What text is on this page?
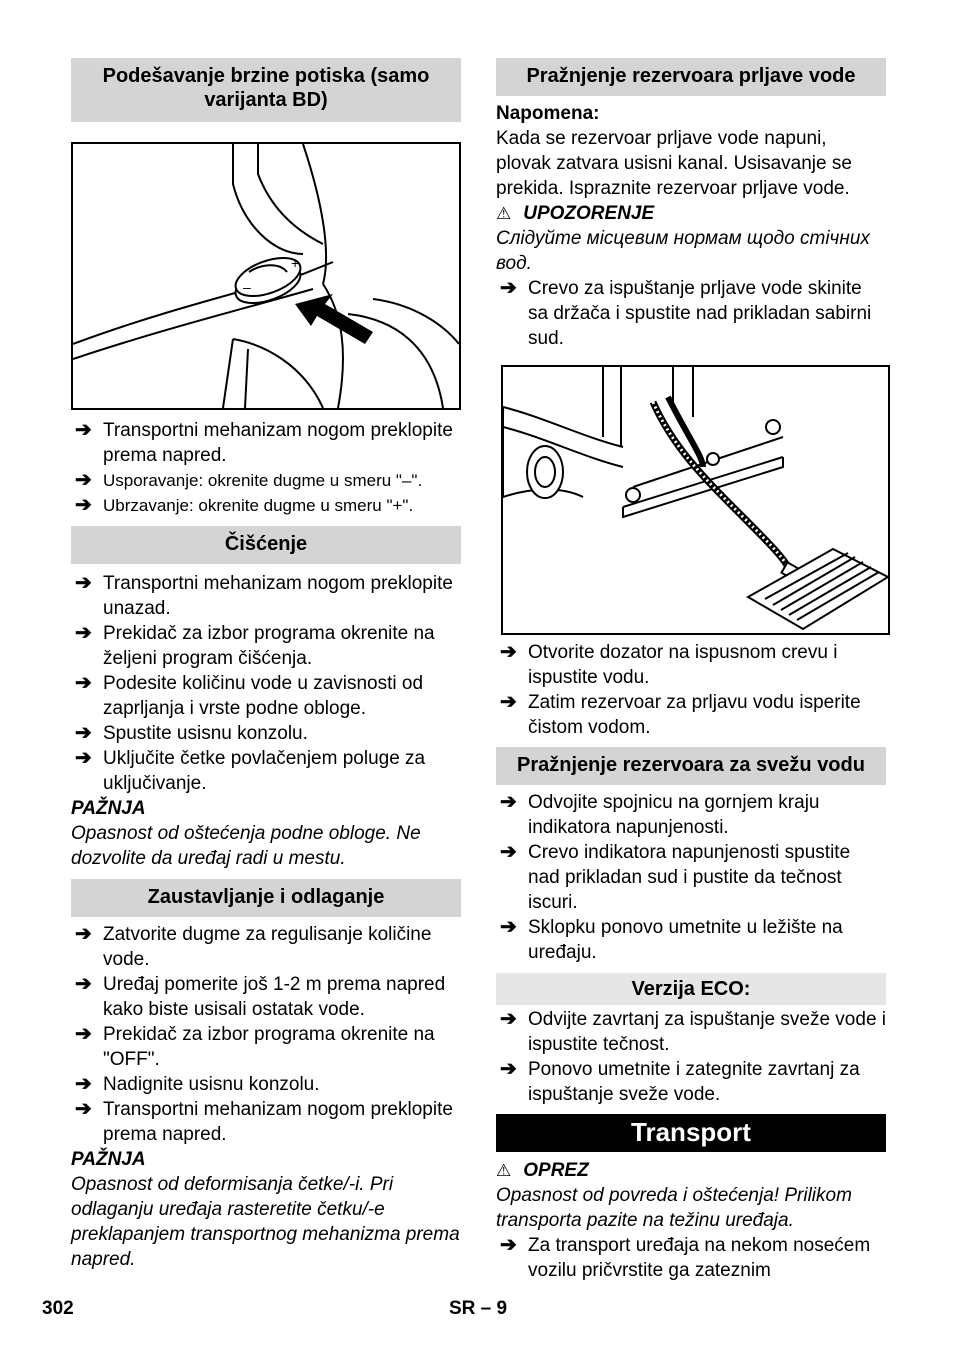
Podešavanje brzine potiska (samo varijanta BD)
+
–
➔ Transportni mehanizam nogom preklopite prema napred.
➔ Usporavanje: okrenite dugme u smeru "–".
➔ Ubrzavanje: okrenite dugme u smeru "+".
Čišćenje
➔ Transportni mehanizam nogom preklopite unazad.
➔ Prekidač za izbor programa okrenite na željeni program čišćenja.
➔ Podesite količinu vode u zavisnosti od zaprljanja i vrste podne obloge.
➔ Spustite usisnu konzolu.
➔ Uključite četke povlačenjem poluge za uključivanje.
PAŽNJA
Opasnost od oštećenja podne obloge. Ne dozvolite da uređaj radi u mestu.
Zaustavljanje i odlaganje
➔ Zatvorite dugme za regulisanje količine vode.
➔ Uređaj pomerite još 1-2 m prema napred kako biste usisali ostatak vode.
➔ Prekidač za izbor programa okrenite na "OFF".
➔ Nadignite usisnu konzolu.
➔ Transportni mehanizam nogom preklopite prema napred.
PAŽNJA
Opasnost od deformisanja četke/-i. Pri odlaganju uređaja rasteretite četku/-e preklapanjem transportnog mehanizma prema napred.
Pražnjenje rezervoara prljave vode
Napomena:
Kada se rezervoar prljave vode napuni, plovak zatvara usisni kanal. Usisavanje se prekida. Ispraznite rezervoar prljave vode.
⚠ UPOZORENJE
Слідуйте місцевим нормам щодо стічних вод.
➔ Crevo za ispuštanje prljave vode skinite sa držača i spustite nad prikladan sabirni sud.
➔ Otvorite dozator na ispusnom crevu i ispustite vodu.
➔ Zatim rezervoar za prljavu vodu isperite čistom vodom.
Pražnjenje rezervoara za svežu vodu
➔ Odvojite spojnicu na gornjem kraju indikatora napunjenosti.
➔ Crevo indikatora napunjenosti spustite nad prikladan sud i pustite da tečnost iscuri.
➔ Sklopku ponovo umetnite u ležište na uređaju.
Verzija ECO:
➔ Odvijte zavrtanj za ispuštanje sveže vode i ispustite tečnost.
➔ Ponovo umetnite i zategnite zavrtanj za ispuštanje sveže vode.
Transport
⚠ OPREZ
Opasnost od povreda i oštećenja! Prilikom transporta pazite na težinu uređaja.
➔ Za transport uređaja na nekom nosećem vozilu pričvrstite ga zateznim
302	SR – 9
